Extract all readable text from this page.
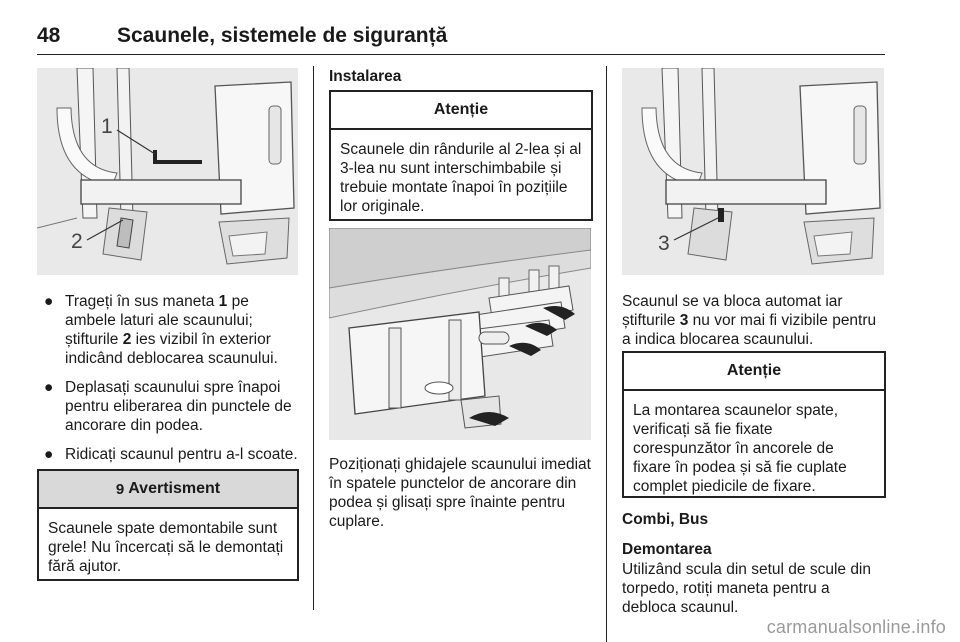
48	Scaunele, sistemele de siguranță
1
2
● Trageți în sus maneta 1 pe ambele laturi ale scaunului; știfturile 2 ies vizibil în exterior indicând deblocarea scaunului.
● Deplasați scaunului spre înapoi pentru eliberarea din punctele de ancorare din podea.
● Ridicați scaunul pentru a-l scoate.
9 Avertisment
Scaunele spate demontabile sunt grele! Nu încercați să le demontați fără ajutor.
Instalarea
Atenție
Scaunele din rândurile al 2-lea și al 3-lea nu sunt interschimbabile și trebuie montate înapoi în pozițiile lor originale.
Poziționați ghidajele scaunului imediat în spatele punctelor de ancorare din podea și glisați spre înainte pentru cuplare.
3
Scaunul se va bloca automat iar știfturile 3 nu vor mai fi vizibile pentru a indica blocarea scaunului.
Atenție
La montarea scaunelor spate, verificați să fie fixate corespunzător în ancorele de fixare în podea și să fie cuplate complet piedicile de fixare.
Combi, Bus
Demontarea
Utilizând scula din setul de scule din torpedo, rotiți maneta pentru a debloca scaunul.
carmanualsonline.info
